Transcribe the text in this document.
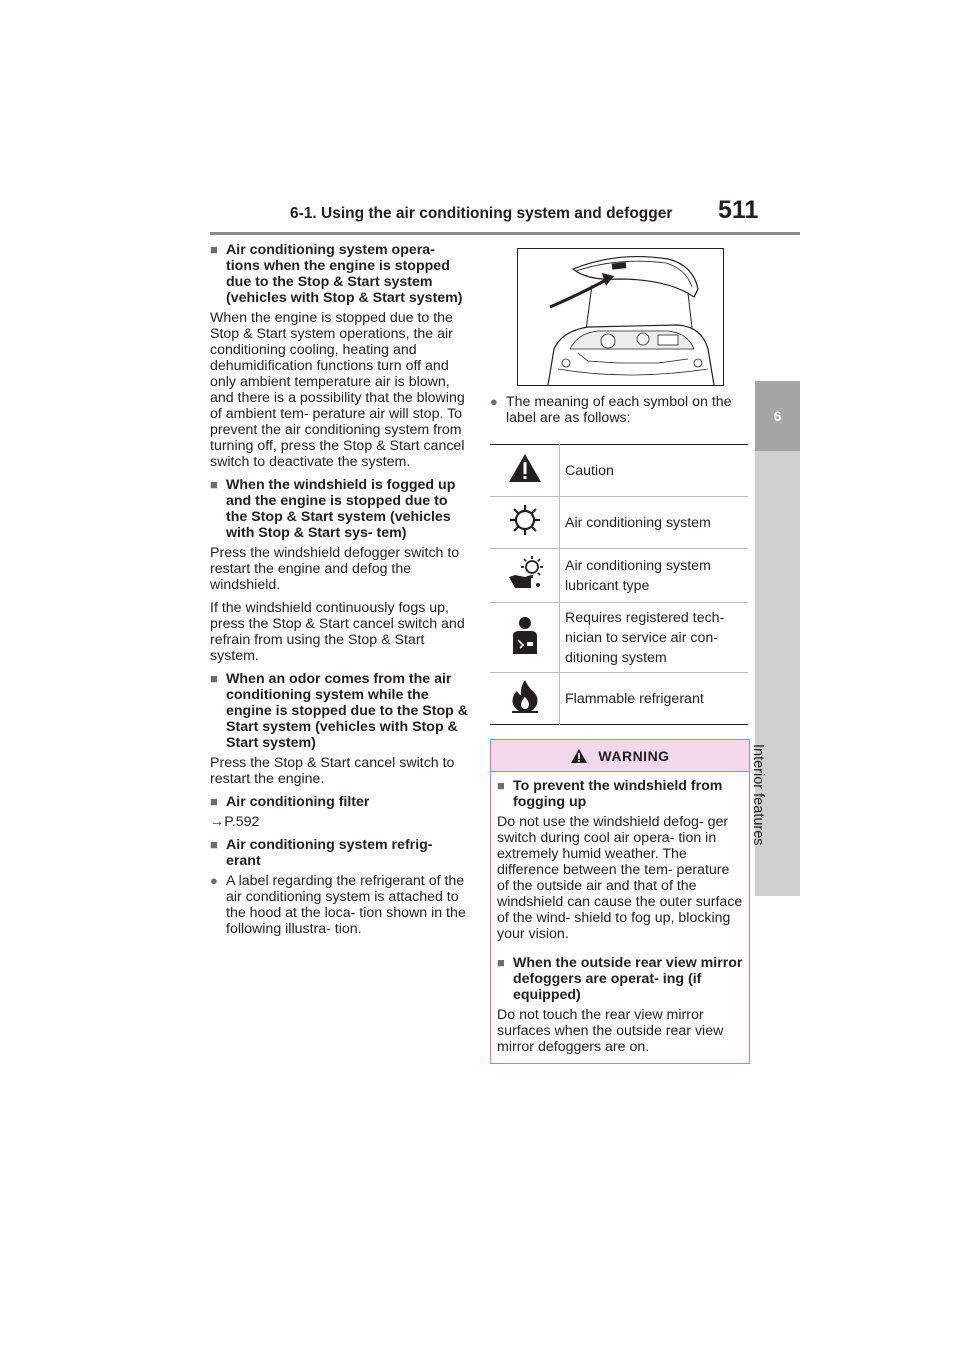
6-1. Using the air conditioning system and defogger 511
6
Interior features
■ Air conditioning system opera- tions when the engine is stopped due to the Stop & Start system (vehicles with Stop & Start system)

When the engine is stopped due to the Stop & Start system operations, the air conditioning cooling, heating and dehumidification functions turn off and only ambient temperature air is blown, and there is a possibility that the blowing of ambient tem- perature air will stop. To prevent the air conditioning system from turning off, press the Stop & Start cancel switch to deactivate the system.

■ When the windshield is fogged up and the engine is stopped due to the Stop & Start system (vehicles with Stop & Start sys- tem)

Press the windshield defogger switch to restart the engine and defog the windshield.

If the windshield continuously fogs up, press the Stop & Start cancel switch and refrain from using the Stop & Start system.

■ When an odor comes from the air conditioning system while the engine is stopped due to the Stop & Start system (vehicles with Stop & Start system)

Press the Stop & Start cancel switch to restart the engine.

■ Air conditioning filter

→P.592

■ Air conditioning system refrig- erant
● A label regarding the refrigerant of the air conditioning system is attached to the hood at the loca- tion shown in the following illustra- tion.
● The meaning of each symbol on the label are as follows:
	Caution
	Air conditioning system
	Air conditioning system lubricant type
	Requires registered tech- nician to service air con- ditioning system
	Flammable refrigerant
WARNING
■ To prevent the windshield from fogging up

Do not use the windshield defog- ger switch during cool air opera- tion in extremely humid weather. The difference between the tem- perature of the outside air and that of the windshield can cause the outer surface of the wind- shield to fog up, blocking your vision.

■ When the outside rear view mirror defoggers are operat- ing (if equipped)

Do not touch the rear view mirror surfaces when the outside rear view mirror defoggers are on.
